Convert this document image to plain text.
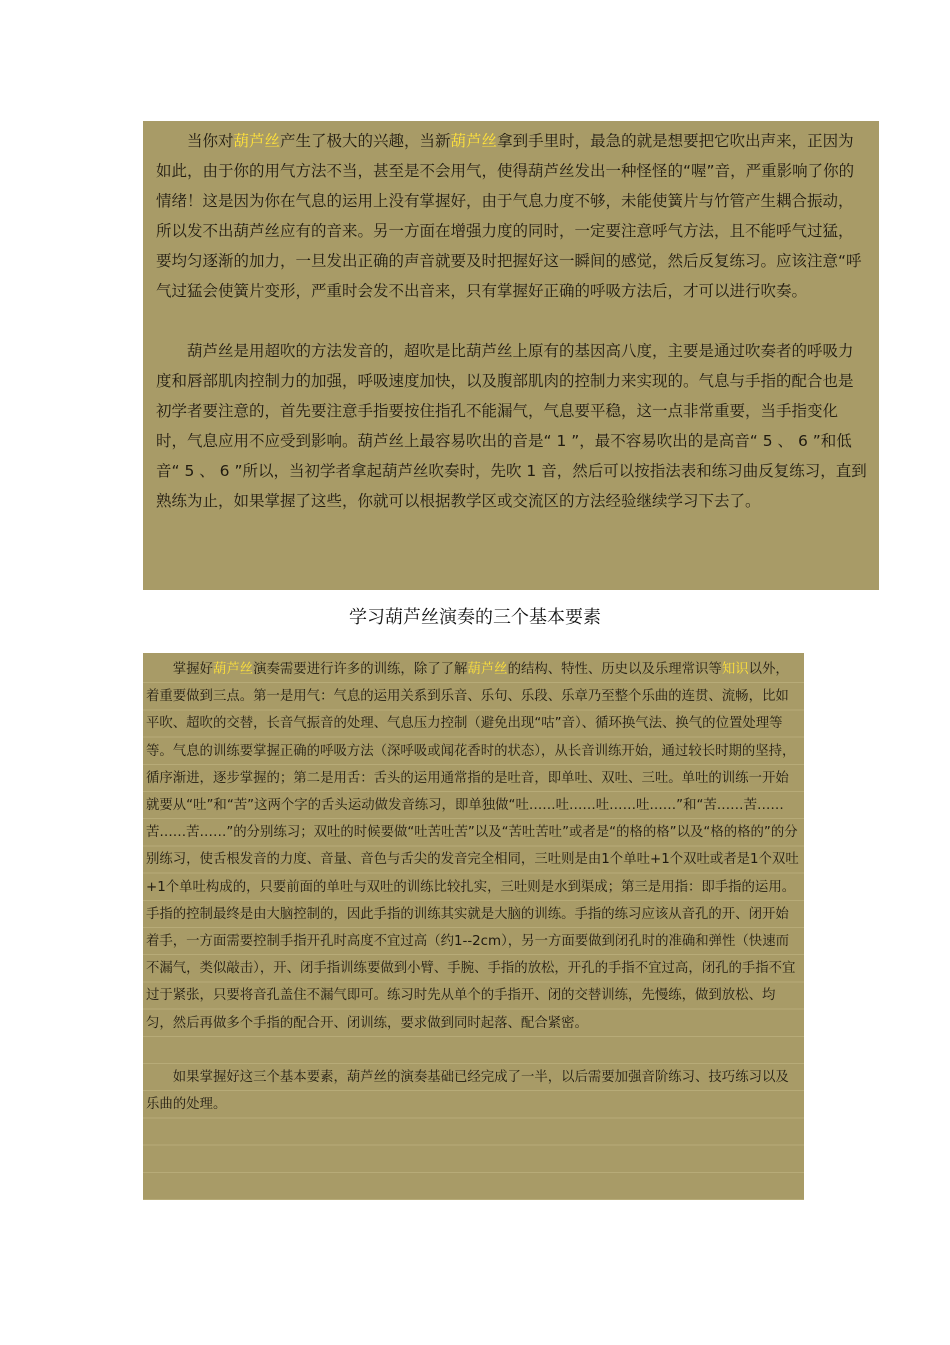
当你对葫芦丝产生了极大的兴趣，当新葫芦丝拿到手里时，最急的就是想要把它吹出声来，正因为如此，由于你的用气方法不当，甚至是不会用气，使得葫芦丝发出一种怪怪的“喔”音，严重影响了你的情绪！这是因为你在气息的运用上没有掌握好，由于气息力度不够，未能使簧片与竹管产生耦合振动，所以发不出葫芦丝应有的音来。另一方面在增强力度的同时，一定要注意呼气方法，且不能呼气过猛，要均匀逐渐的加力，一旦发出正确的声音就要及时把握好这一瞬间的感觉，然后反复练习。应该注意“呼气过猛会使簧片变形，严重时会发不出音来，只有掌握好正确的呼吸方法后，才可以进行吹奏。

葫芦丝是用超吹的方法发音的，超吹是比葫芦丝上原有的基因高八度，主要是通过吹奏者的呼吸力度和唇部肌肉控制力的加强，呼吸速度加快，以及腹部肌肉的控制力来实现的。气息与手指的配合也是初学者要注意的，首先要注意手指要按住指孔不能漏气，气息要平稳，这一点非常重要，当手指变化时，气息应用不应受到影响。葫芦丝上最容易吹出的音是“ 1 ”，最不容易吹出的是高音“ 5 、 6 ”和低音“ 5 、 6 ”所以，当初学者拿起葫芦丝吹奏时，先吹 1 音，然后可以按指法表和练习曲反复练习，直到熟练为止，如果掌握了这些，你就可以根据教学区或交流区的方法经验继续学习下去了。

学习葫芦丝演奏的三个基本要素

掌握好葫芦丝演奏需要进行许多的训练，除了了解葫芦丝的结构、特性、历史以及乐理常识等知识以外，着重要做到三点。第一是用气：气息的运用关系到乐音、乐句、乐段、乐章乃至整个乐曲的连贯、流畅，比如平吹、超吹的交替，长音气振音的处理、气息压力控制（避免出现“咕”音）、循环换气法、换气的位置处理等等。气息的训练要掌握正确的呼吸方法（深呼吸或闻花香时的状态），从长音训练开始，通过较长时期的坚持，循序渐进，逐步掌握的；第二是用舌：舌头的运用通常指的是吐音，即单吐、双吐、三吐。单吐的训练一开始就要从“吐”和“苦”这两个字的舌头运动做发音练习，即单独做“吐……吐……吐……吐……”和“苦……苦……苦……苦……”的分别练习；双吐的时候要做“吐苦吐苦”以及“苦吐苦吐”或者是“的格的格”以及“格的格的”的分别练习，使舌根发音的力度、音量、音色与舌尖的发音完全相同，三吐则是由1个单吐+1个双吐或者是1个双吐+1个单吐构成的，只要前面的单吐与双吐的训练比较扎实，三吐则是水到渠成；第三是用指：即手指的运用。手指的控制最终是由大脑控制的，因此手指的训练其实就是大脑的训练。手指的练习应该从音孔的开、闭开始着手，一方面需要控制手指开孔时高度不宜过高（约1--2cm），另一方面要做到闭孔时的准确和弹性（快速而不漏气，类似敲击），开、闭手指训练要做到小臂、手腕、手指的放松，开孔的手指不宜过高，闭孔的手指不宜过于紧张，只要将音孔盖住不漏气即可。练习时先从单个的手指开、闭的交替训练，先慢练，做到放松、均匀，然后再做多个手指的配合开、闭训练，要求做到同时起落、配合紧密。

如果掌握好这三个基本要素，葫芦丝的演奏基础已经完成了一半，以后需要加强音阶练习、技巧练习以及乐曲的处理。
